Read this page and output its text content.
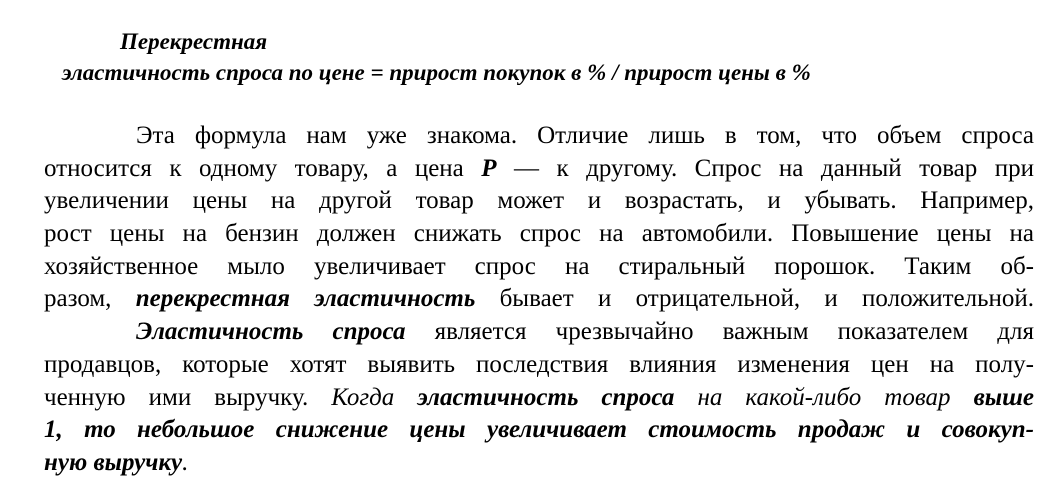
Перекрестная
эластичность спроса по цене = прирост покупок в % / прирост цены в %
Эта формула нам уже знакома. Отличие лишь в том, что объем спроса
относится к одному товару, а цена P — к другому. Спрос на данный товар при
увеличении цены на другой товар может и возрастать, и убывать. Например,
рост цены на бензин должен снижать спрос на автомобили. Повышение цены на
хозяйственное мыло увеличивает спрос на стиральный порошок. Таким об-
разом, перекрестная эластичность бывает и отрицательной, и положительной.
Эластичность спроса является чрезвычайно важным показателем для
продавцов, которые хотят выявить последствия влияния изменения цен на полу-
ченную ими выручку. Когда эластичность спроса на какой-либо товар выше
1, то небольшое снижение цены увеличивает стоимость продаж и совокуп-
ную выручку.
